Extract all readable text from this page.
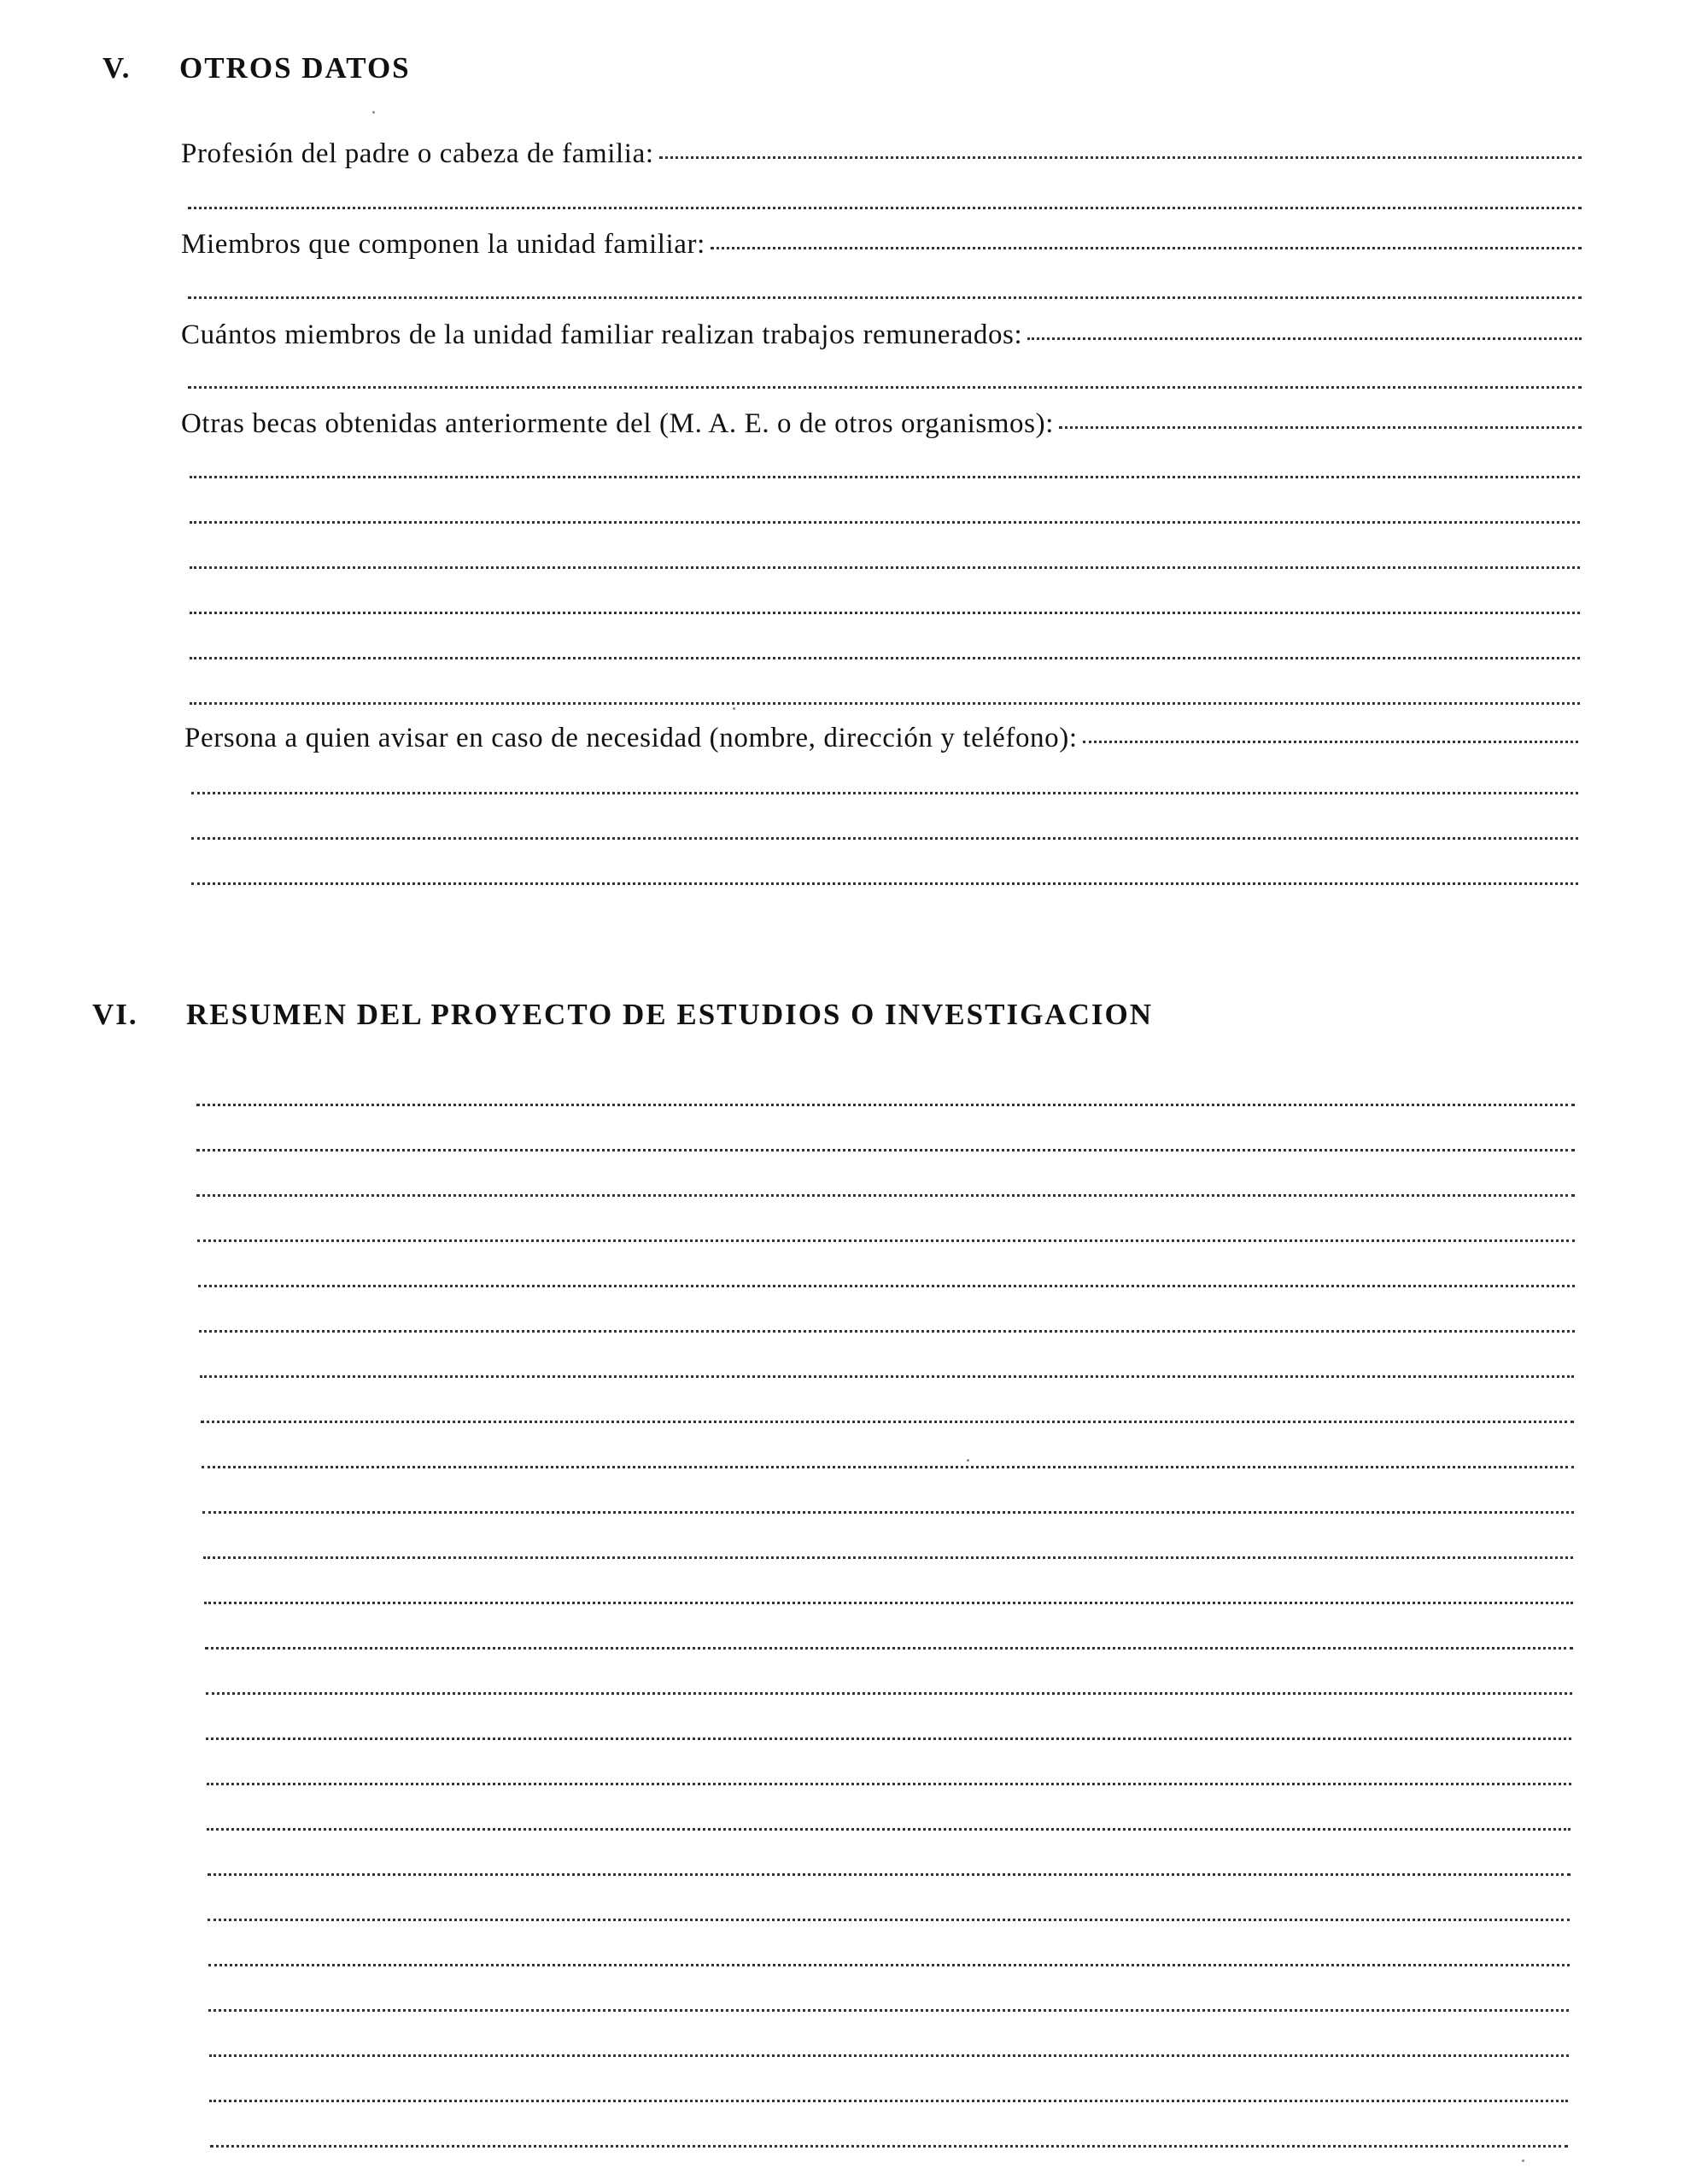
V. OTROS DATOS
Profesión del padre o cabeza de familia:
Miembros que componen la unidad familiar:
Cuántos miembros de la unidad familiar realizan trabajos remunerados:
Otras becas obtenidas anteriormente del (M. A. E. o de otros organismos):
Persona a quien avisar en caso de necesidad (nombre, dirección y teléfono):
VI. RESUMEN DEL PROYECTO DE ESTUDIOS O INVESTIGACION
